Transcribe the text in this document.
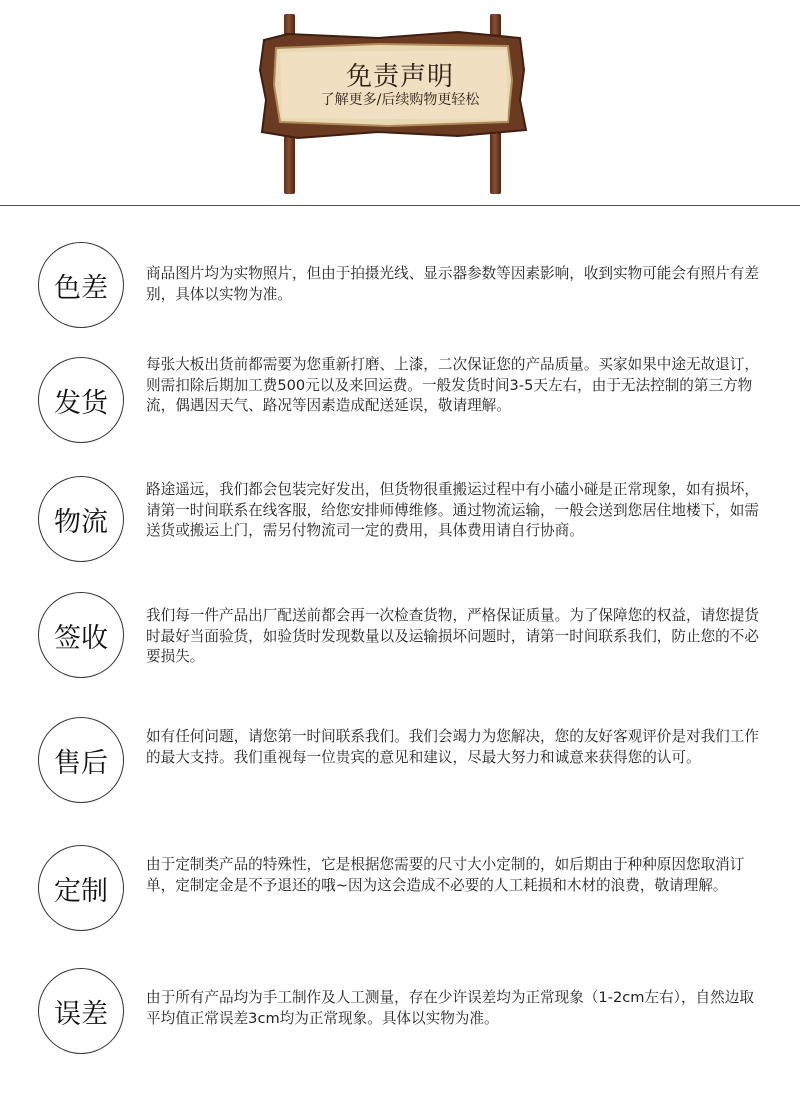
免责声明
了解更多/后续购物更轻松
色差	商品图片均为实物照片，但由于拍摄光线、显示器参数等因素影响，收到实物可能会有照片有差别，具体以实物为准。
发货
每张大板出货前都需要为您重新打磨、上漆，二次保证您的产品质量。买家如果中途无故退订，则需扣除后期加工费500元以及来回运费。一般发货时间3-5天左右，由于无法控制的第三方物流，偶遇因天气、路况等因素造成配送延误，敬请理解。
物流
路途遥远，我们都会包装完好发出，但货物很重搬运过程中有小磕小碰是正常现象，如有损坏，请第一时间联系在线客服，给您安排师傅维修。通过物流运输，一般会送到您居住地楼下，如需送货或搬运上门，需另付物流司一定的费用，具体费用请自行协商。
签收
我们每一件产品出厂配送前都会再一次检查货物，严格保证质量。为了保障您的权益，请您提货时最好当面验货，如验货时发现数量以及运输损坏问题时，请第一时间联系我们，防止您的不必要损失。
售后
如有任何问题，请您第一时间联系我们。我们会竭力为您解决，您的友好客观评价是对我们工作的最大支持。我们重视每一位贵宾的意见和建议，尽最大努力和诚意来获得您的认可。
定制
由于定制类产品的特殊性，它是根据您需要的尺寸大小定制的，如后期由于种种原因您取消订单，定制定金是不予退还的哦~因为这会造成不必要的人工耗损和木材的浪费，敬请理解。
误差
由于所有产品均为手工制作及人工测量，存在少许误差均为正常现象（1-2cm左右），自然边取平均值正常误差3cm均为正常现象。具体以实物为准。
